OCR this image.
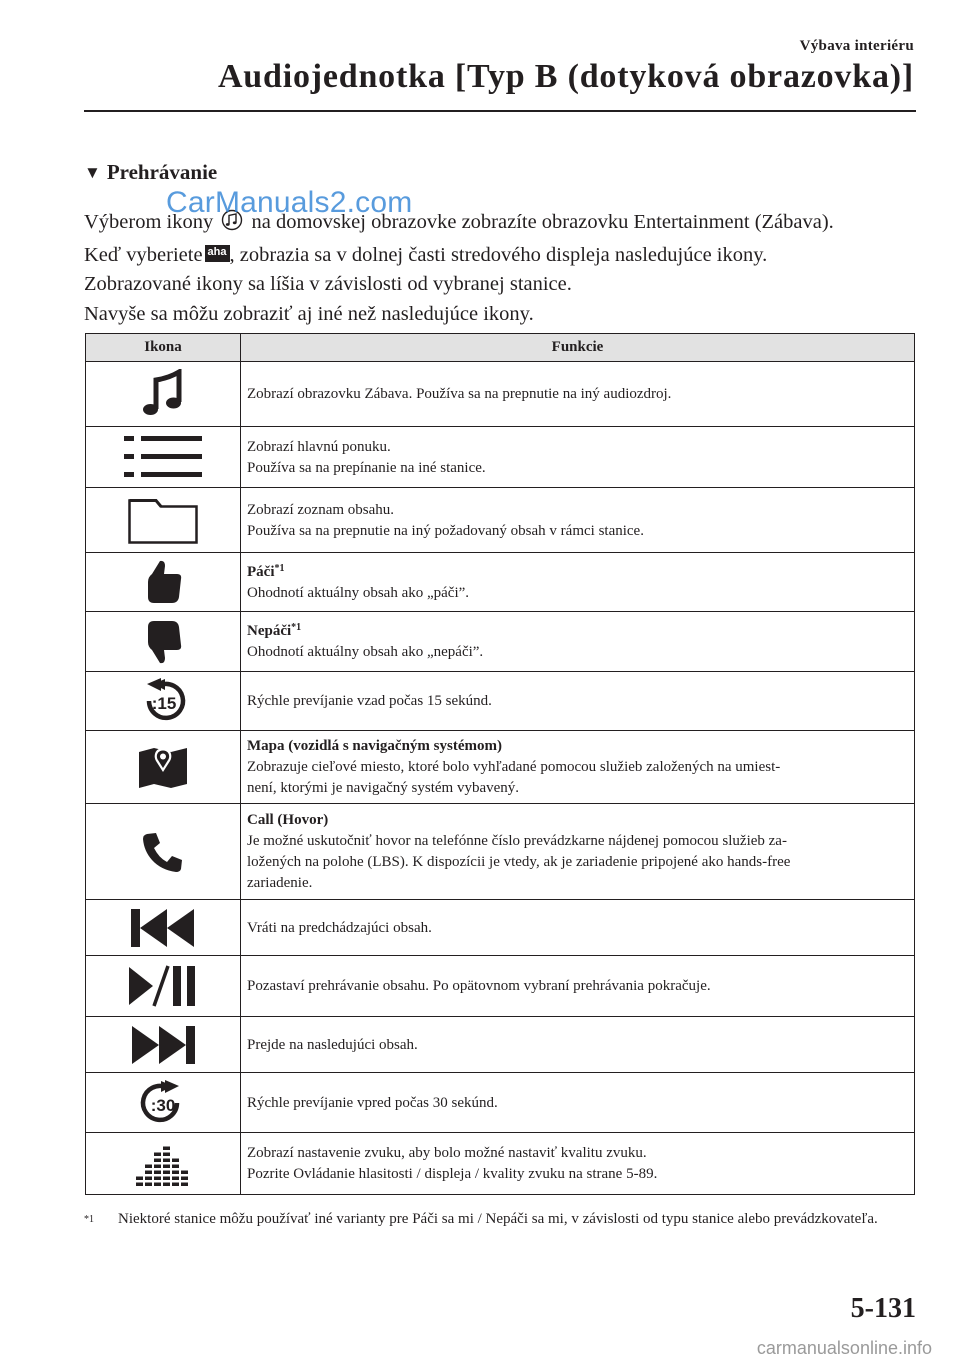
Výbava interiéru
Audiojednotka [Typ B (dotyková obrazovka)]
▼ Prehrávanie

Výberom ikony na domovskej obrazovke zobrazíte obrazovku Entertainment (Zábava).

Keď vyberiete aha , zobrazia sa v dolnej časti stredového displeja nasledujúce ikony.

Zobrazované ikony sa líšia v závislosti od vybranej stanice.

Navyše sa môžu zobraziť aj iné než nasledujúce ikony.

CarManuals2.com
Ikona	Funkcie

Zobrazí obrazovku Zábava. Používa sa na prepnutie na iný audiozdroj.

Zobrazí hlavnú ponuku.
Používa sa na prepínanie na iné stanice.

Zobrazí zoznam obsahu.
Používa sa na prepnutie na iný požadovaný obsah v rámci stanice.

Páči$^{*1}$
Ohodnotí aktuálny obsah ako „páči”.

Nepáči$^{*1}$
Ohodnotí aktuálny obsah ako „nepáči”.

:15	Rýchle prevíjanie vzad počas 15 sekúnd.

Mapa (vozidlá s navigačným systémom)
Zobrazuje cieľové miesto, ktoré bolo vyhľadané pomocou služieb založených na umiest-
není, ktorými je navigačný systém vybavený.

Call (Hovor)
Je možné uskutočniť hovor na telefónne číslo prevádzkarne nájdenej pomocou služieb za-
ložených na polohe (LBS). K dispozícii je vtedy, ak je zariadenie pripojené ako hands-free
zariadenie.

Vráti na predchádzajúci obsah.

Pozastaví prehrávanie obsahu. Po opätovnom vybraní prehrávania pokračuje.

Prejde na nasledujúci obsah.

:30	Rýchle prevíjanie vpred počas 30 sekúnd.

Zobrazí nastavenie zvuku, aby bolo možné nastaviť kvalitu zvuku.
Pozrite Ovládanie hlasitosti / displeja / kvality zvuku na strane 5-89.
$^{*1}$ Niektoré stanice môžu používať iné varianty pre Páči sa mi / Nepáči sa mi, v závislosti od typu stanice alebo prevádzkovateľa.
5-131
carmanualsonline.info
